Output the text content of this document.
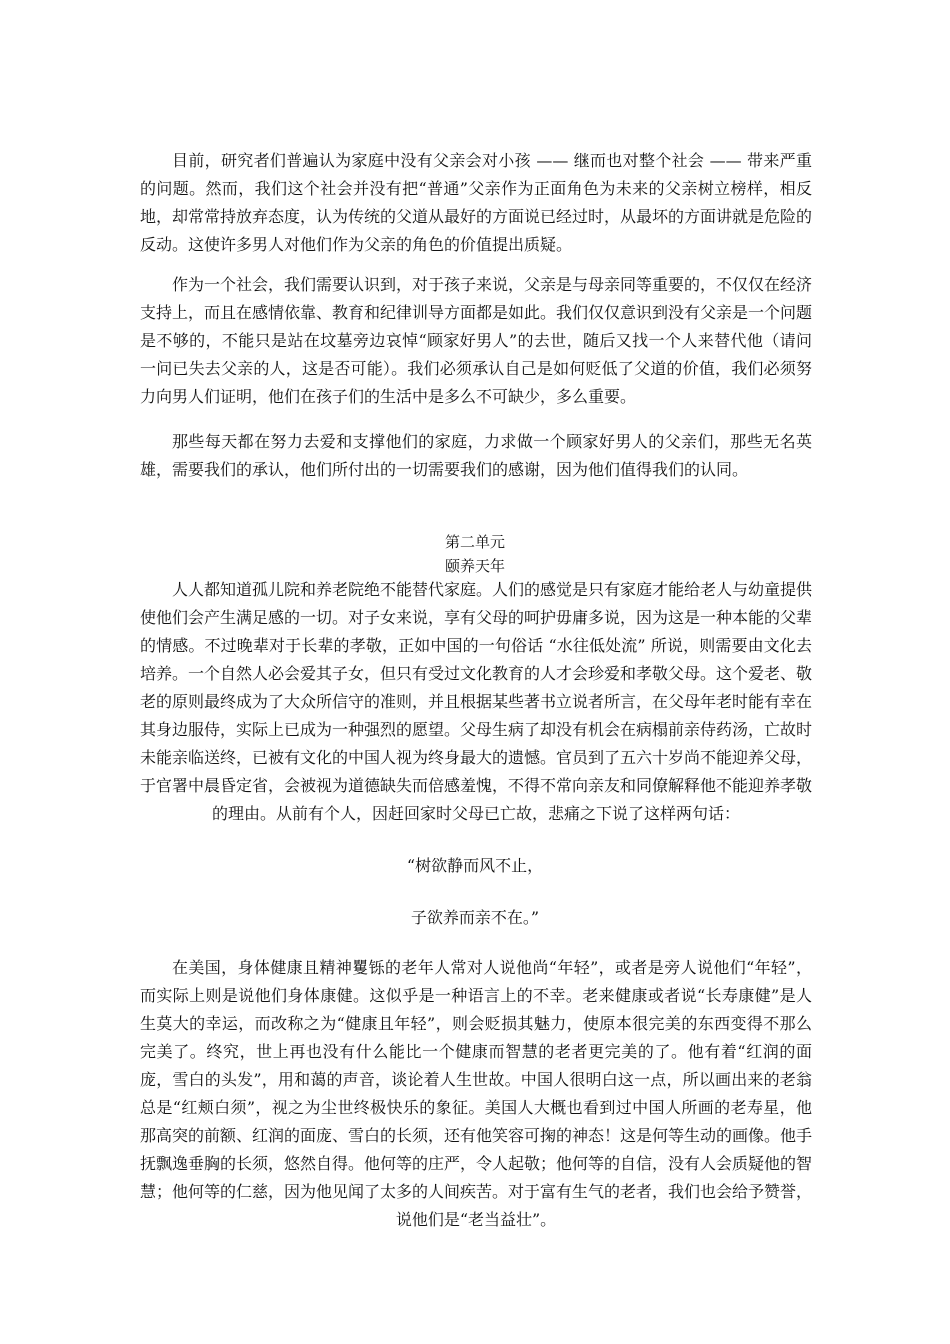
目前，研究者们普遍认为家庭中没有父亲会对小孩 —— 继而也对整个社会 —— 带来严重的问题。然而，我们这个社会并没有把“普通”父亲作为正面角色为未来的父亲树立榜样，相反地，却常常持放弃态度，认为传统的父道从最好的方面说已经过时，从最坏的方面讲就是危险的反动。这使许多男人对他们作为父亲的角色的价值提出质疑。

作为一个社会，我们需要认识到，对于孩子来说，父亲是与母亲同等重要的，不仅仅在经济支持上，而且在感情依靠、教育和纪律训导方面都是如此。我们仅仅意识到没有父亲是一个问题是不够的，不能只是站在坟墓旁边哀悼“顾家好男人”的去世，随后又找一个人来替代他（请问一问已失去父亲的人，这是否可能）。我们必须承认自己是如何贬低了父道的价值，我们必须努力向男人们证明，他们在孩子们的生活中是多么不可缺少，多么重要。

那些每天都在努力去爱和支撑他们的家庭，力求做一个顾家好男人的父亲们，那些无名英雄，需要我们的承认，他们所付出的一切需要我们的感谢，因为他们值得我们的认同。

第二单元
颐养天年

人人都知道孤儿院和养老院绝不能替代家庭。人们的感觉是只有家庭才能给老人与幼童提供使他们会产生满足感的一切。对子女来说，享有父母的呵护毋庸多说，因为这是一种本能的父辈的情感。不过晚辈对于长辈的孝敬，正如中国的一句俗话 “水往低处流” 所说，则需要由文化去培养。一个自然人必会爱其子女，但只有受过文化教育的人才会珍爱和孝敬父母。这个爱老、敬老的原则最终成为了大众所信守的准则，并且根据某些著书立说者所言，在父母年老时能有幸在其身边服侍，实际上已成为一种强烈的愿望。父母生病了却没有机会在病榻前亲侍药汤，亡故时未能亲临送终，已被有文化的中国人视为终身最大的遗憾。官员到了五六十岁尚不能迎养父母，于官署中晨昏定省，会被视为道德缺失而倍感羞愧，不得不常向亲友和同僚解释他不能迎养孝敬的理由。从前有个人，因赶回家时父母已亡故，悲痛之下说了这样两句话：

“树欲静而风不止，

子欲养而亲不在。”

在美国，身体健康且精神矍铄的老年人常对人说他尚“年轻”，或者是旁人说他们“年轻”，而实际上则是说他们身体康健。这似乎是一种语言上的不幸。老来健康或者说“长寿康健”是人生莫大的幸运，而改称之为“健康且年轻”，则会贬损其魅力，使原本很完美的东西变得不那么完美了。终究，世上再也没有什么能比一个健康而智慧的老者更完美的了。他有着“红润的面庞，雪白的头发”，用和蔼的声音，谈论着人生世故。中国人很明白这一点，所以画出来的老翁总是“红颊白须”，视之为尘世终极快乐的象征。美国人大概也看到过中国人所画的老寿星，他那高突的前额、红润的面庞、雪白的长须，还有他笑容可掬的神态！这是何等生动的画像。他手抚飘逸垂胸的长须，悠然自得。他何等的庄严，令人起敬；他何等的自信，没有人会质疑他的智慧；他何等的仁慈，因为他见闻了太多的人间疾苦。对于富有生气的老者，我们也会给予赞誉，说他们是“老当益壮”。
